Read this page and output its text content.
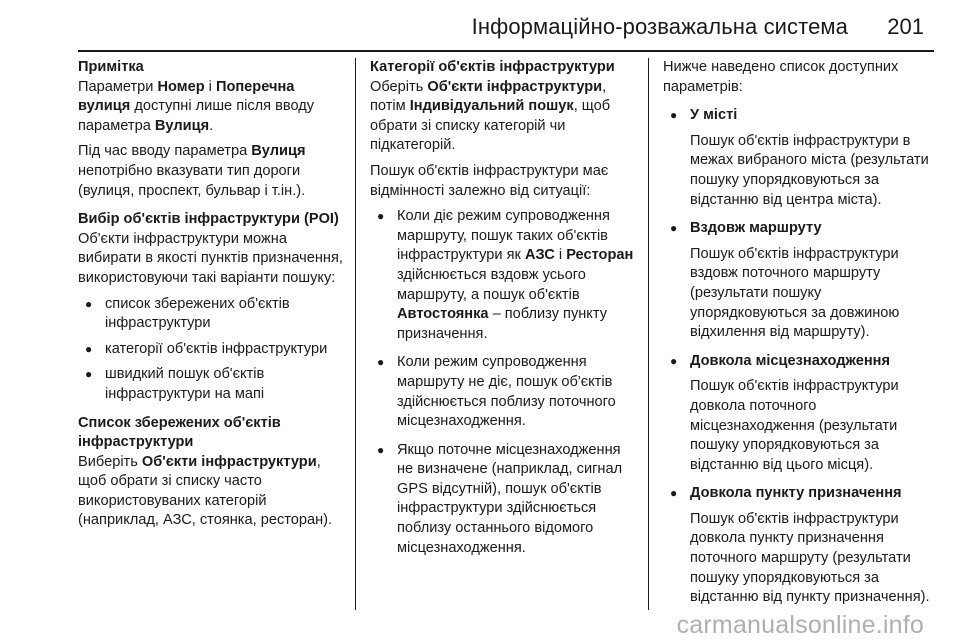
Інформаційно-розважальна система 201

Примітка

Параметри Номер і Поперечна вулиця доступні лише після вводу параметра Вулиця.

Під час вводу параметра Вулиця непотрібно вказувати тип дороги (вулиця, проспект, бульвар і т.ін.).

Вибір об'єктів інфраструктури (POI)

Об'єкти інфраструктури можна вибирати в якості пунктів призначення, використовуючи такі варіанти пошуку:

● список збережених об'єктів інфраструктури
● категорії об'єктів інфраструктури
● швидкий пошук об'єктів інфраструктури на мапі

Список збережених об'єктів інфраструктури

Виберіть Об'єкти інфраструктури, щоб обрати зі списку часто використовуваних категорій (наприклад, АЗС, стоянка, ресторан).

Категорії об'єктів інфраструктури

Оберіть Об'єкти інфраструктури, потім Індивідуальний пошук, щоб обрати зі списку категорій чи підкатегорій.

Пошук об'єктів інфраструктури має відмінності залежно від ситуації:

● Коли діє режим супроводження маршруту, пошук таких об'єктів інфраструктури як АЗС і Ресторан здійснюється вздовж усього маршруту, а пошук об'єктів Автостоянка – поблизу пункту призначення.
● Коли режим супроводження маршруту не діє, пошук об'єктів здійснюється поблизу поточного місцезнаходження.
● Якщо поточне місцезнаходження не визначене (наприклад, сигнал GPS відсутній), пошук об'єктів інфраструктури здійснюється поблизу останнього відомого місцезнаходження.

Нижче наведено список доступних параметрів:

● У місті

Пошук об'єктів інфраструктури в межах вибраного міста (результати пошуку упорядковуються за відстанню від центра міста).

● Вздовж маршруту

Пошук об'єктів інфраструктури вздовж поточного маршруту (результати пошуку упорядковуються за довжиною відхилення від маршруту).

● Довкола місцезнаходження

Пошук об'єктів інфраструктури довкола поточного місцезнаходження (результати пошуку упорядковуються за відстанню від цього місця).

● Довкола пункту призначення

Пошук об'єктів інфраструктури довкола пункту призначення поточного маршруту (результати пошуку упорядковуються за відстанню від пункту призначення).

carmanualsonline.info
